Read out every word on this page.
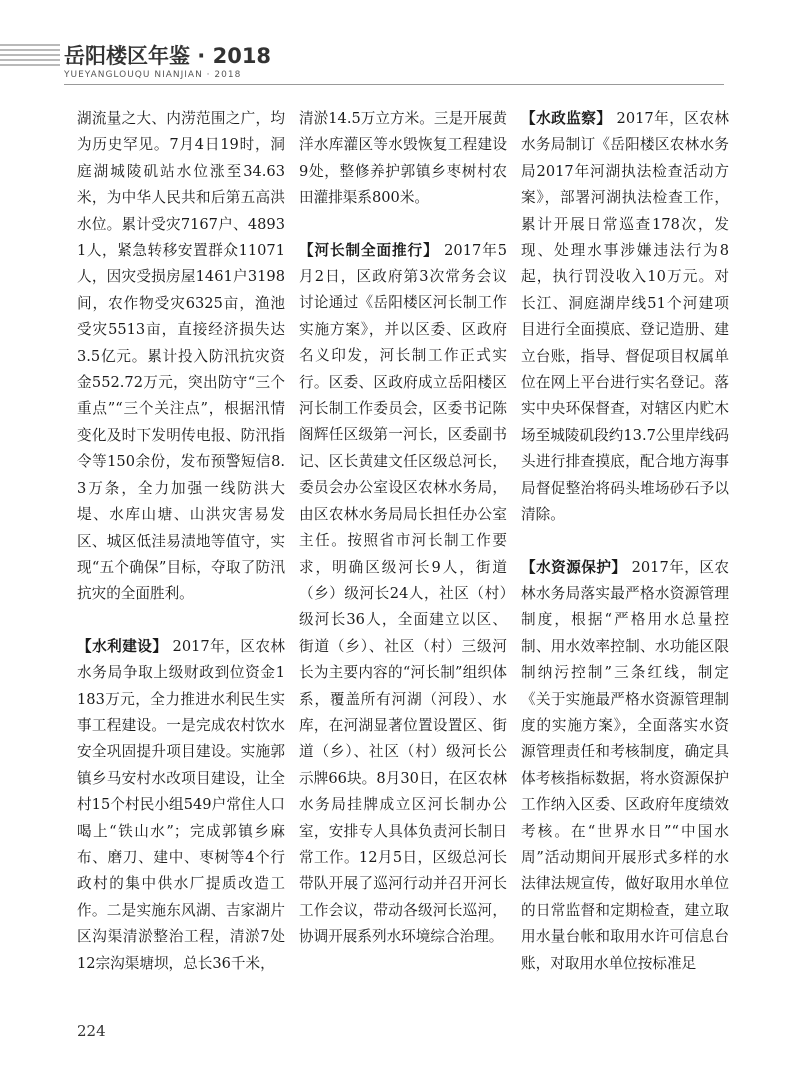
岳阳楼区年鉴 · 2018
YUEYANGLOUQU NIANJIAN · 2018

湖流量之大、内涝范围之广，均为历史罕见。7月4日19时，洞庭湖城陵矶站水位涨至34.63米，为中华人民共和后第五高洪水位。累计受灾7167户、48931人，紧急转移安置群众11071人，因灾受损房屋1461户3198间，农作物受灾6325亩，渔池受灾5513亩，直接经济损失达3.5亿元。累计投入防汛抗灾资金552.72万元，突出防守“三个重点”“三个关注点”，根据汛情变化及时下发明传电报、防汛指令等150余份，发布预警短信8.3万条，全力加强一线防洪大堤、水库山塘、山洪灾害易发区、城区低洼易渍地等值守，实现“五个确保”目标，夺取了防汛抗灾的全面胜利。

【水利建设】 2017年，区农林水务局争取上级财政到位资金1183万元，全力推进水利民生实事工程建设。一是完成农村饮水安全巩固提升项目建设。实施郭镇乡马安村水改项目建设，让全村15个村民小组549户常住人口喝上“铁山水”；完成郭镇乡麻布、磨刀、建中、枣树等4个行政村的集中供水厂提质改造工作。二是实施东风湖、吉家湖片区沟渠清淤整治工程，清淤7处12宗沟渠塘坝，总长36千米，

清淤14.5万立方米。三是开展黄洋水库灌区等水毁恢复工程建设9处，整修养护郭镇乡枣树村农田灌排渠系800米。

【河长制全面推行】 2017年5月2日，区政府第3次常务会议讨论通过《岳阳楼区河长制工作实施方案》，并以区委、区政府名义印发，河长制工作正式实行。区委、区政府成立岳阳楼区河长制工作委员会，区委书记陈阁辉任区级第一河长，区委副书记、区长黄建文任区级总河长，委员会办公室设区农林水务局，由区农林水务局局长担任办公室主任。按照省市河长制工作要求，明确区级河长9人，街道（乡）级河长24人，社区（村）级河长36人，全面建立以区、街道（乡）、社区（村）三级河长为主要内容的“河长制”组织体系，覆盖所有河湖（河段）、水库，在河湖显著位置设置区、街道（乡）、社区（村）级河长公示牌66块。8月30日，在区农林水务局挂牌成立区河长制办公室，安排专人具体负责河长制日常工作。12月5日，区级总河长带队开展了巡河行动并召开河长工作会议，带动各级河长巡河，协调开展系列水环境综合治理。

【水政监察】 2017年，区农林水务局制订《岳阳楼区农林水务局2017年河湖执法检查活动方案》，部署河湖执法检查工作，累计开展日常巡查178次，发现、处理水事涉嫌违法行为8起，执行罚没收入10万元。对长江、洞庭湖岸线51个河建项目进行全面摸底、登记造册、建立台账，指导、督促项目权属单位在网上平台进行实名登记。落实中央环保督查，对辖区内贮木场至城陵矶段约13.7公里岸线码头进行排查摸底，配合地方海事局督促整治将码头堆场砂石予以清除。

【水资源保护】 2017年，区农林水务局落实最严格水资源管理制度，根据“严格用水总量控制、用水效率控制、水功能区限制纳污控制”三条红线，制定《关于实施最严格水资源管理制度的实施方案》，全面落实水资源管理责任和考核制度，确定具体考核指标数据，将水资源保护工作纳入区委、区政府年度绩效考核。在“世界水日”“中国水周”活动期间开展形式多样的水法律法规宣传，做好取用水单位的日常监督和定期检查，建立取用水量台帐和取用水许可信息台账，对取用水单位按标准足

224
